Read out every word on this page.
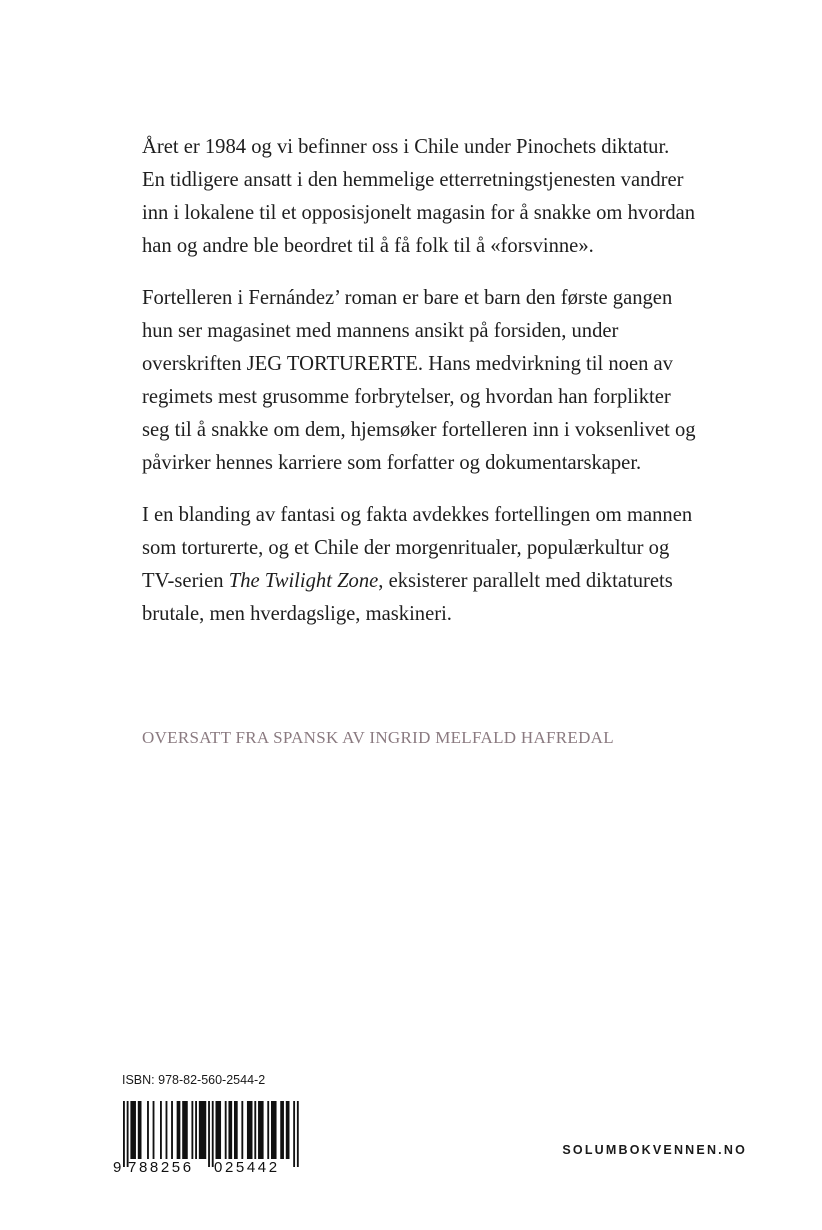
Året er 1984 og vi befinner oss i Chile under Pinochets diktatur.
En tidligere ansatt i den hemmelige etterretningstjenesten vandrer
inn i lokalene til et opposisjonelt magasin for å snakke om hvordan
han og andre ble beordret til å få folk til å «forsvinne».

Fortelleren i Fernández’ roman er bare et barn den første gangen
hun ser magasinet med mannens ansikt på forsiden, under
overskriften JEG TORTURERTE. Hans medvirkning til noen av
regimets mest grusomme forbrytelser, og hvordan han forplikter
seg til å snakke om dem, hjemsøker fortelleren inn i voksenlivet og
påvirker hennes karriere som forfatter og dokumentarskaper.

I en blanding av fantasi og fakta avdekkes fortellingen om mannen
som torturerte, og et Chile der morgenritualer, populærkultur og
TV-serien The Twilight Zone, eksisterer parallelt med diktaturets
brutale, men hverdagslige, maskineri.

OVERSATT FRA SPANSK AV INGRID MELFALD HAFREDAL
ISBN: 978-82-560-2544-2
9 788256 025442
SOLUMBOKVENNEN.NO
